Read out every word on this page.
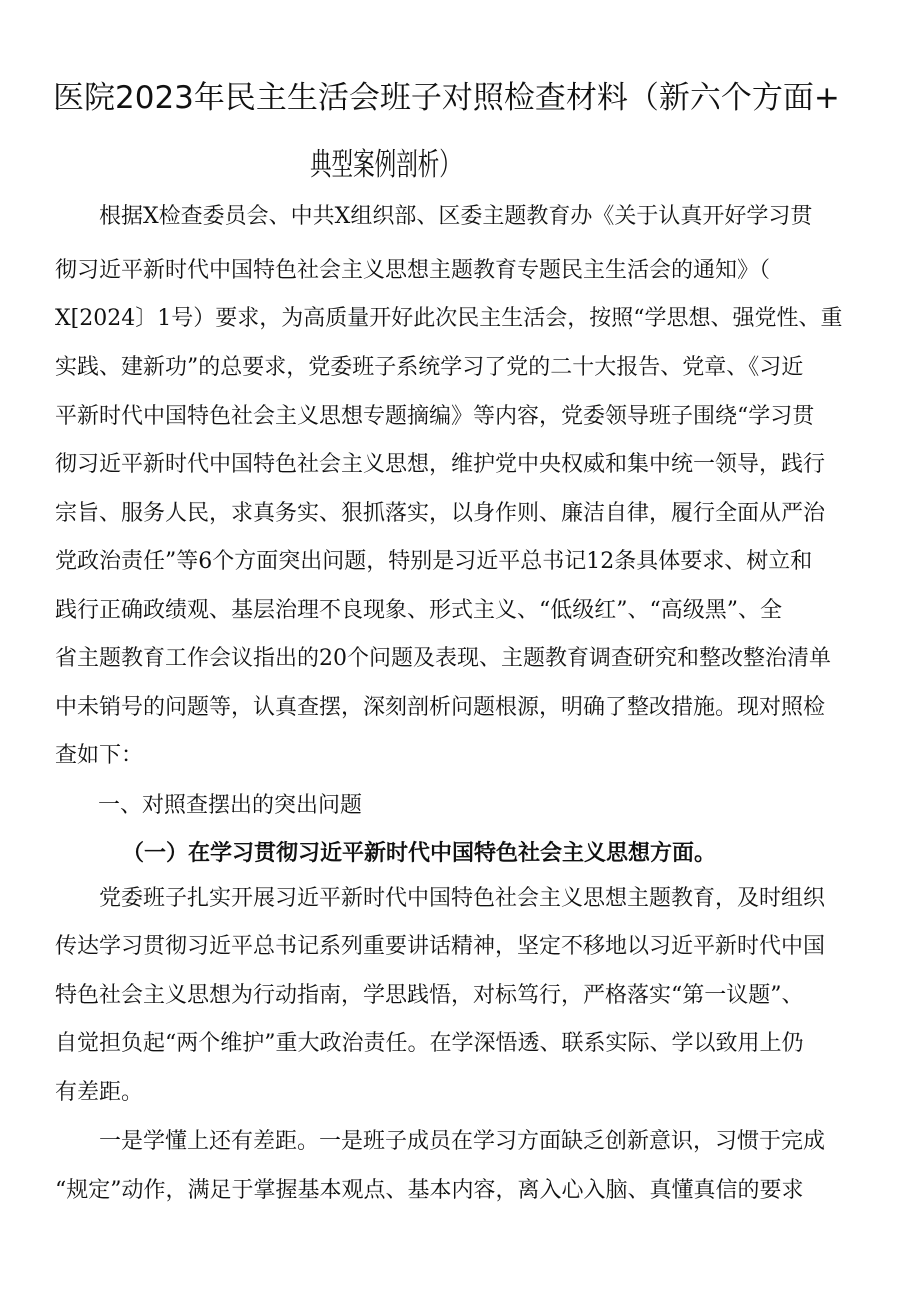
医院2023年民主生活会班子对照检查材料（新六个方面+
典型案例剖析）
　　根据X检查委员会、中共X组织部、区委主题教育办《关于认真开好学习贯
彻习近平新时代中国特色社会主义思想主题教育专题民主生活会的通知》（
X[2024〕1号）要求，为高质量开好此次民主生活会，按照“学思想、强党性、重
实践、建新功”的总要求，党委班子系统学习了党的二十大报告、党章、《习近
平新时代中国特色社会主义思想专题摘编》等内容，党委领导班子围绕“学习贯
彻习近平新时代中国特色社会主义思想，维护党中央权威和集中统一领导，践行
宗旨、服务人民，求真务实、狠抓落实，以身作则、廉洁自律，履行全面从严治
党政治责任”等6个方面突出问题，特别是习近平总书记12条具体要求、树立和
践行正确政绩观、基层治理不良现象、形式主义、“低级红”、“高级黑”、全
省主题教育工作会议指出的20个问题及表现、主题教育调查研究和整改整治清单
中未销号的问题等，认真查摆，深刻剖析问题根源，明确了整改措施。现对照检
查如下：
一、对照查摆出的突出问题
（一）在学习贯彻习近平新时代中国特色社会主义思想方面。
　　党委班子扎实开展习近平新时代中国特色社会主义思想主题教育，及时组织
传达学习贯彻习近平总书记系列重要讲话精神，坚定不移地以习近平新时代中国
特色社会主义思想为行动指南，学思践悟，对标笃行，严格落实“第一议题”、
自觉担负起“两个维护”重大政治责任。在学深悟透、联系实际、学以致用上仍
有差距。
　　一是学懂上还有差距。一是班子成员在学习方面缺乏创新意识，习惯于完成
“规定”动作，满足于掌握基本观点、基本内容，离入心入脑、真懂真信的要求
